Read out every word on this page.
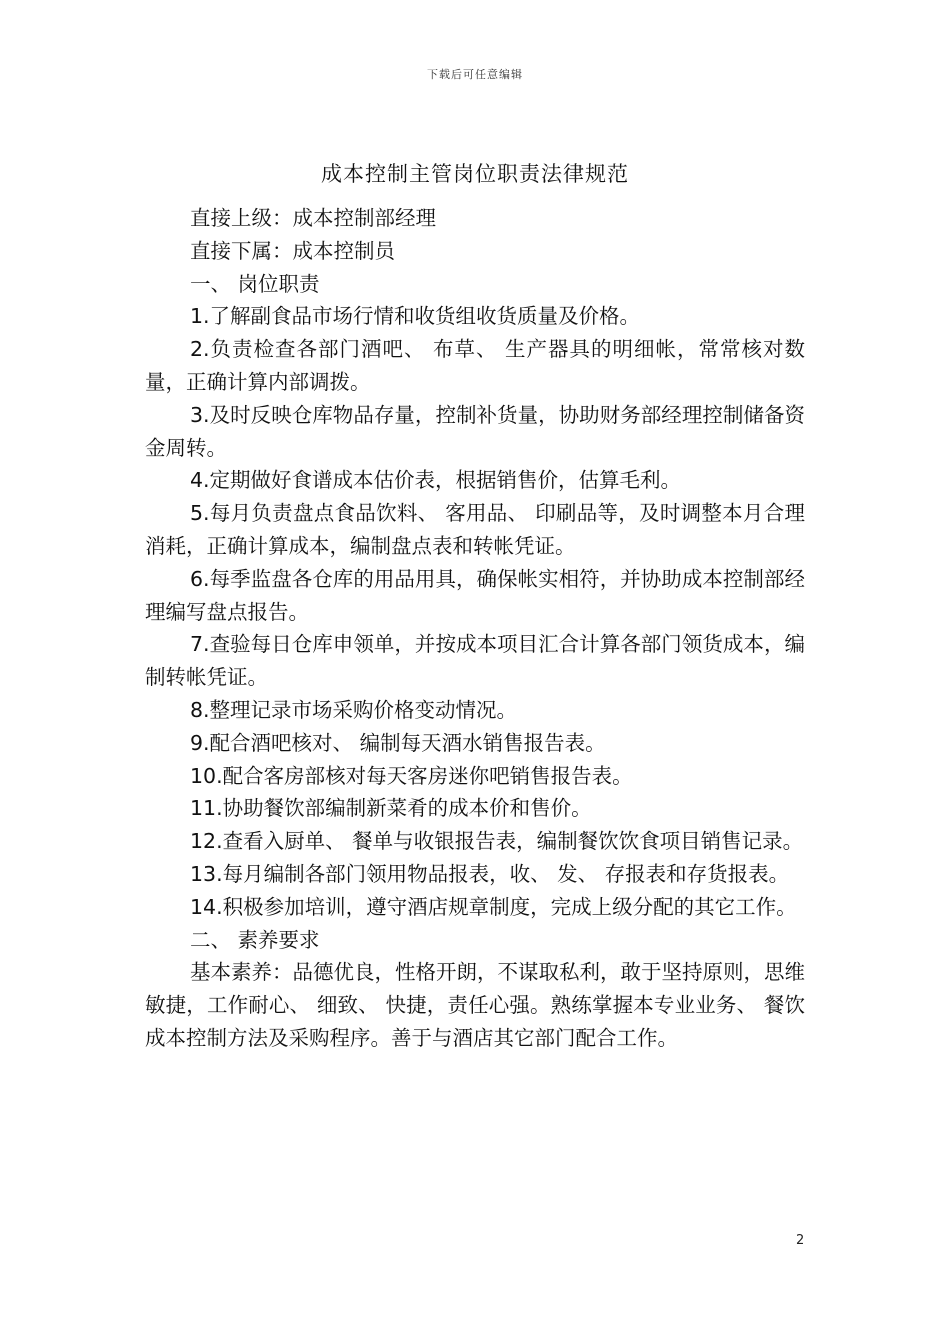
下载后可任意编辑
成本控制主管岗位职责法律规范

直接上级：成本控制部经理

直接下属：成本控制员

一、 岗位职责

1.了解副食品市场行情和收货组收货质量及价格。

2.负责检查各部门酒吧、 布草、 生产器具的明细帐，常常核对数量，正确计算内部调拨。

3.及时反映仓库物品存量，控制补货量，协助财务部经理控制储备资金周转。

4.定期做好食谱成本估价表，根据销售价，估算毛利。

5.每月负责盘点食品饮料、 客用品、 印刷品等，及时调整本月合理消耗，正确计算成本，编制盘点表和转帐凭证。

6.每季监盘各仓库的用品用具，确保帐实相符，并协助成本控制部经理编写盘点报告。

7.查验每日仓库申领单，并按成本项目汇合计算各部门领货成本，编制转帐凭证。

8.整理记录市场采购价格变动情况。

9.配合酒吧核对、 编制每天酒水销售报告表。

10.配合客房部核对每天客房迷你吧销售报告表。

11.协助餐饮部编制新菜肴的成本价和售价。

12.查看入厨单、 餐单与收银报告表，编制餐饮饮食项目销售记录。

13.每月编制各部门领用物品报表，收、 发、 存报表和存货报表。

14.积极参加培训，遵守酒店规章制度，完成上级分配的其它工作。

二、 素养要求

基本素养：品德优良，性格开朗，不谋取私利，敢于坚持原则，思维敏捷，工作耐心、 细致、 快捷，责任心强。熟练掌握本专业业务、 餐饮成本控制方法及采购程序。善于与酒店其它部门配合工作。

2
